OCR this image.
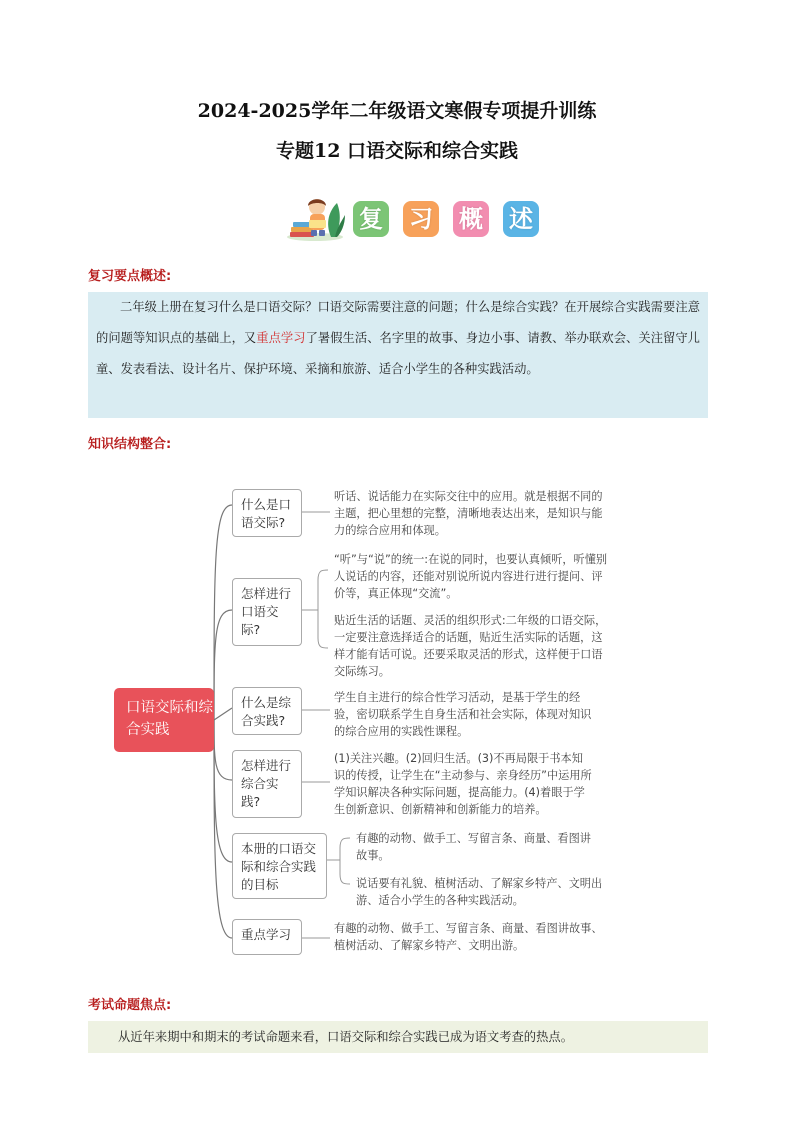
2024-2025学年二年级语文寒假专项提升训练
专题12 口语交际和综合实践
复 习 概 述
复习要点概述:
二年级上册在复习什么是口语交际？口语交际需要注意的问题；什么是综合实践？在开展综合实践需要注意的问题等知识点的基础上，又重点学习了暑假生活、名字里的故事、身边小事、请教、举办联欢会、关注留守儿童、发表看法、设计名片、保护环境、采摘和旅游、适合小学生的各种实践活动。
知识结构整合:
口语交际和综合实践
什么是口语交际?
怎样进行口语交际?
什么是综合实践?
怎样进行综合实践?
本册的口语交际和综合实践的目标
重点学习
听话、说话能力在实际交往中的应用。就是根据不同的主题，把心里想的完整，清晰地表达出来，是知识与能力的综合应用和体现。
“听”与“说”的统一:在说的同时，也要认真倾听，听懂别人说话的内容，还能对别说所说内容进行进行提问、评价等，真正体现“交流”。
贴近生活的话题、灵活的组织形式:二年级的口语交际，一定要注意选择适合的话题，贴近生活实际的话题，这样才能有话可说。还要采取灵活的形式，这样便于口语交际练习。
学生自主进行的综合性学习活动，是基于学生的经验，密切联系学生自身生活和社会实际，体现对知识的综合应用的实践性课程。
(1)关注兴趣。(2)回归生活。(3)不再局限于书本知识的传授，让学生在“主动参与、亲身经历”中运用所学知识解决各种实际问题，提高能力。(4)着眼于学生创新意识、创新精神和创新能力的培养。
有趣的动物、做手工、写留言条、商量、看图讲故事。
说话要有礼貌、植树活动、了解家乡特产、文明出游、适合小学生的各种实践活动。
有趣的动物、做手工、写留言条、商量、看图讲故事、植树活动、了解家乡特产、文明出游。
考试命题焦点:
从近年来期中和期末的考试命题来看，口语交际和综合实践已成为语文考查的热点。
